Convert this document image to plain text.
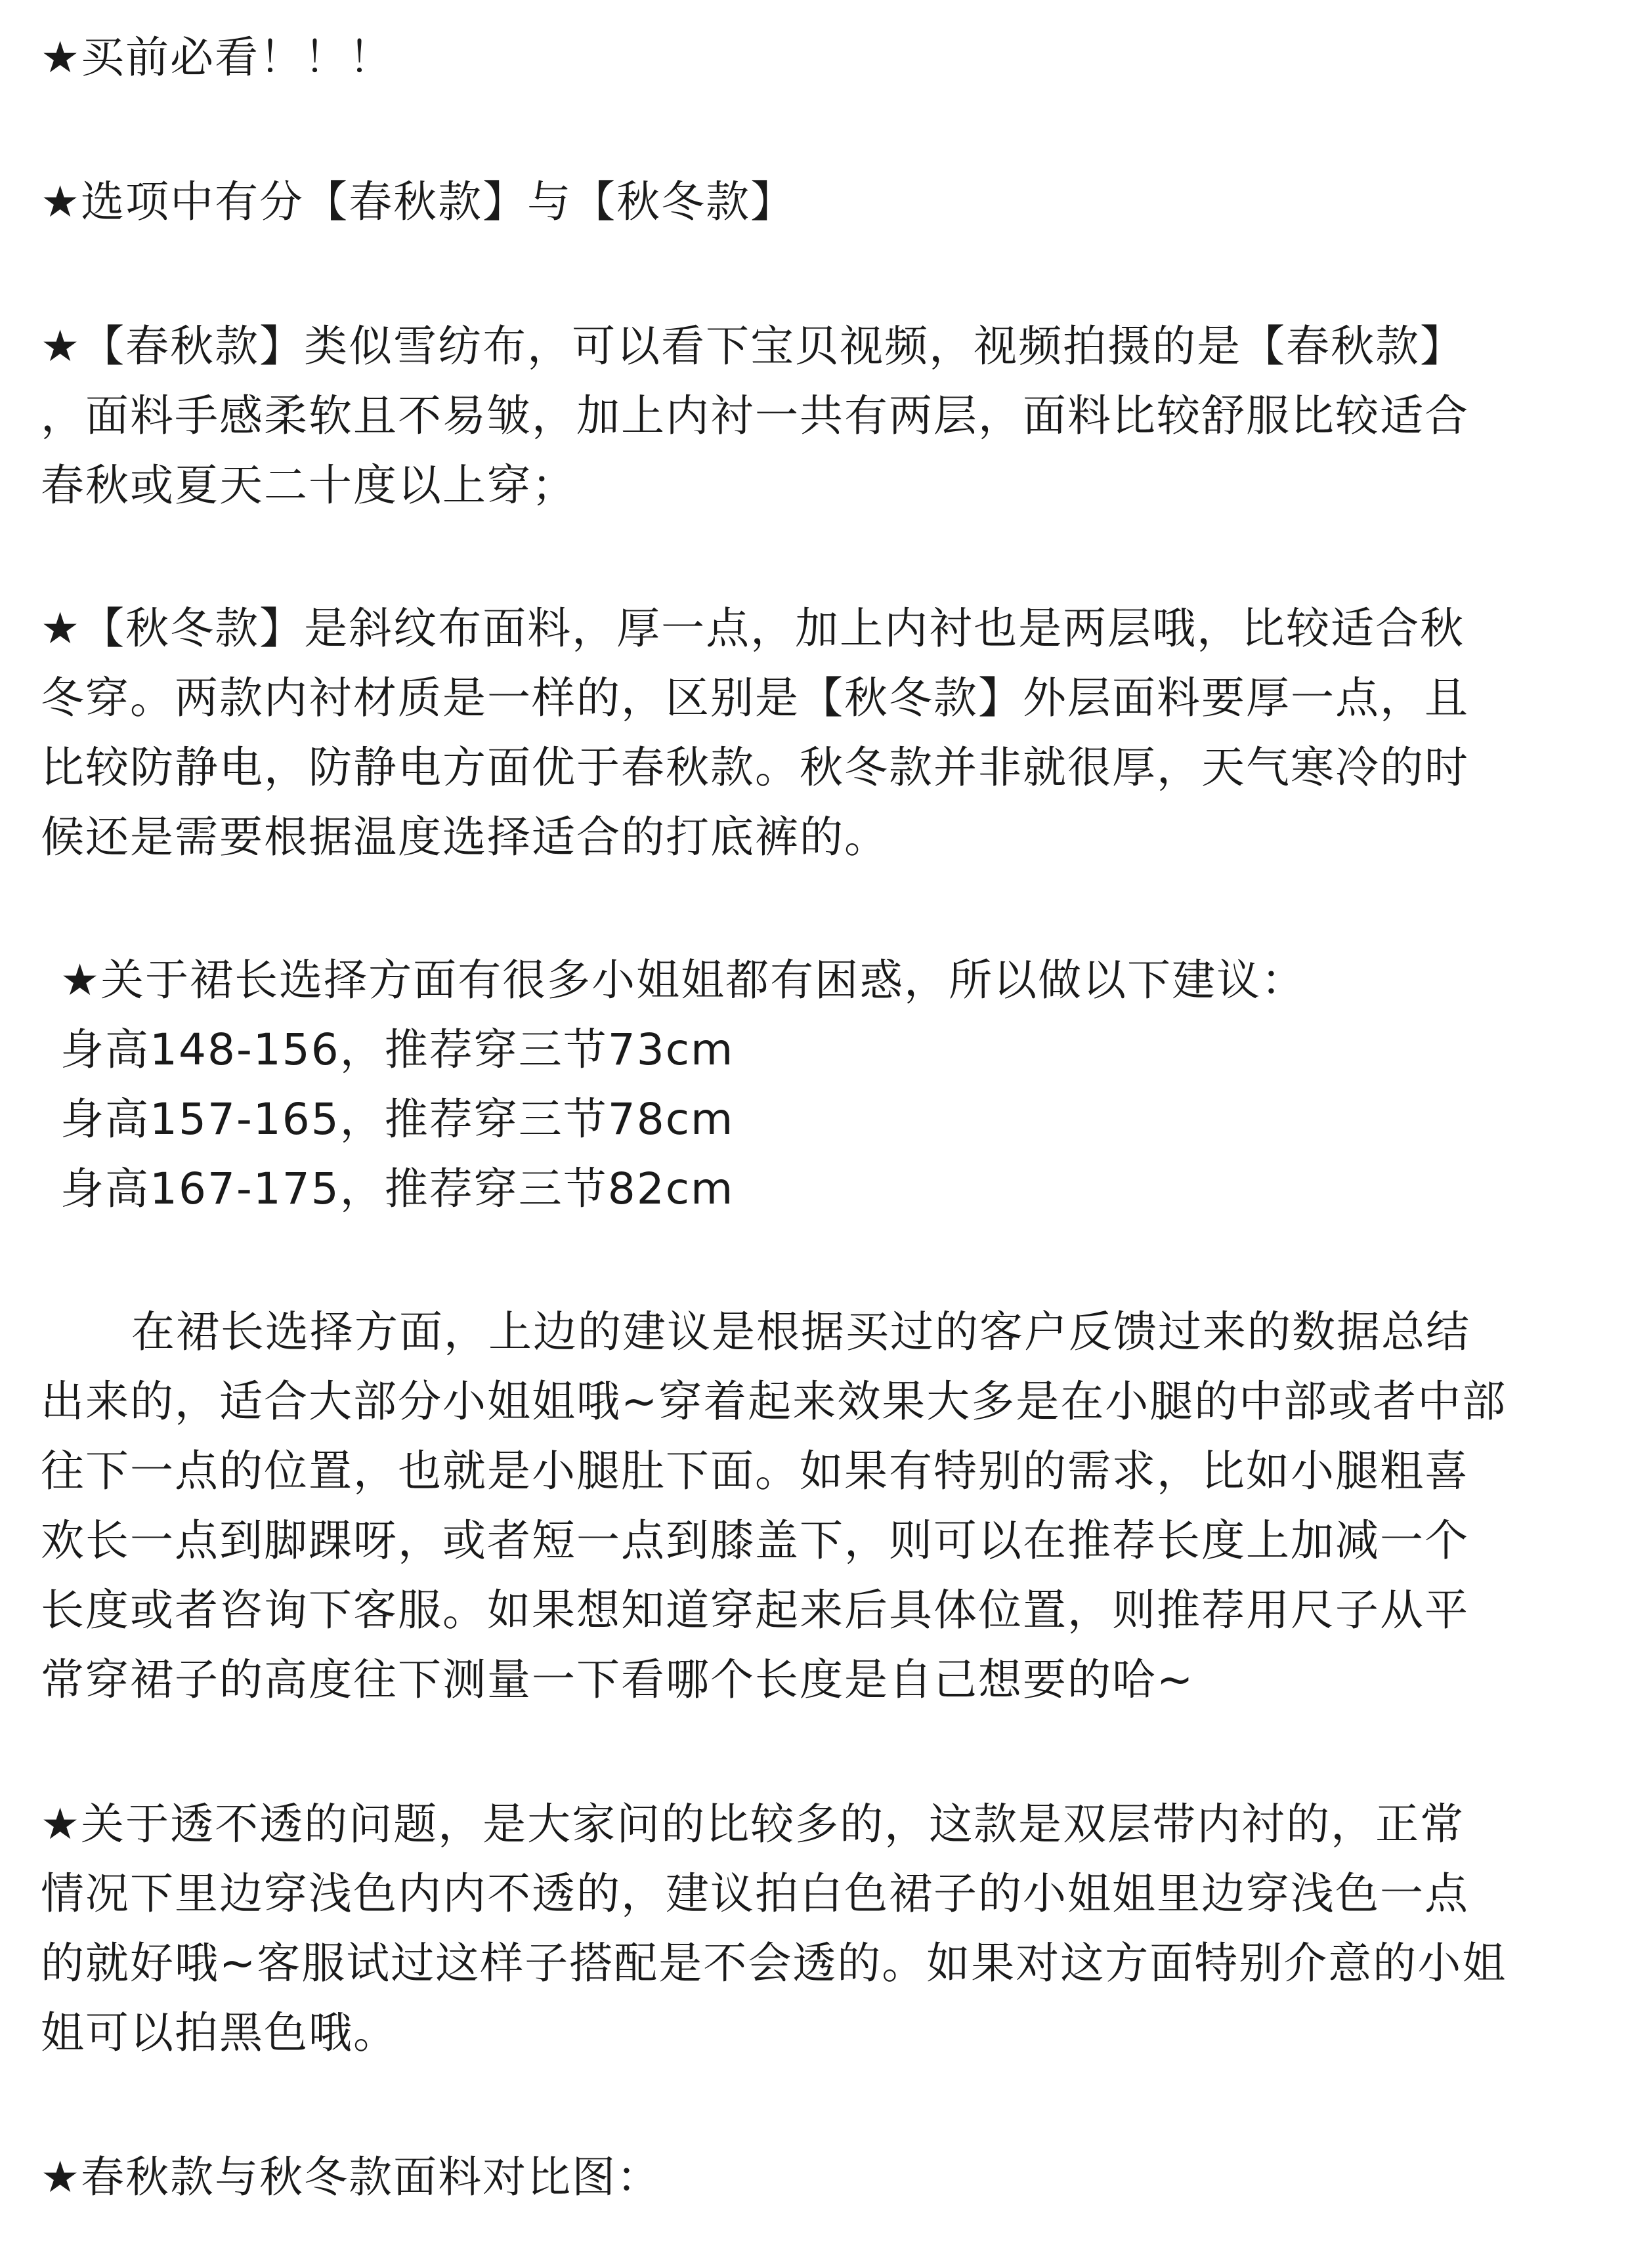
★买前必看！！！
★选项中有分【春秋款】与【秋冬款】
★【春秋款】类似雪纺布，可以看下宝贝视频，视频拍摄的是【春秋款】
，面料手感柔软且不易皱，加上内衬一共有两层，面料比较舒服比较适合
春秋或夏天二十度以上穿；
★【秋冬款】是斜纹布面料，厚一点，加上内衬也是两层哦，比较适合秋
冬穿。两款内衬材质是一样的，区别是【秋冬款】外层面料要厚一点，且
比较防静电，防静电方面优于春秋款。秋冬款并非就很厚，天气寒冷的时
候还是需要根据温度选择适合的打底裤的。
★关于裙长选择方面有很多小姐姐都有困惑，所以做以下建议：
身高148-156，推荐穿三节73cm
身高157-165，推荐穿三节78cm
身高167-175，推荐穿三节82cm
在裙长选择方面，上边的建议是根据买过的客户反馈过来的数据总结
出来的，适合大部分小姐姐哦~穿着起来效果大多是在小腿的中部或者中部
往下一点的位置，也就是小腿肚下面。如果有特别的需求，比如小腿粗喜
欢长一点到脚踝呀，或者短一点到膝盖下，则可以在推荐长度上加减一个
长度或者咨询下客服。如果想知道穿起来后具体位置，则推荐用尺子从平
常穿裙子的高度往下测量一下看哪个长度是自己想要的哈~
★关于透不透的问题，是大家问的比较多的，这款是双层带内衬的，正常
情况下里边穿浅色内内不透的，建议拍白色裙子的小姐姐里边穿浅色一点
的就好哦~客服试过这样子搭配是不会透的。如果对这方面特别介意的小姐
姐可以拍黑色哦。
★春秋款与秋冬款面料对比图：
